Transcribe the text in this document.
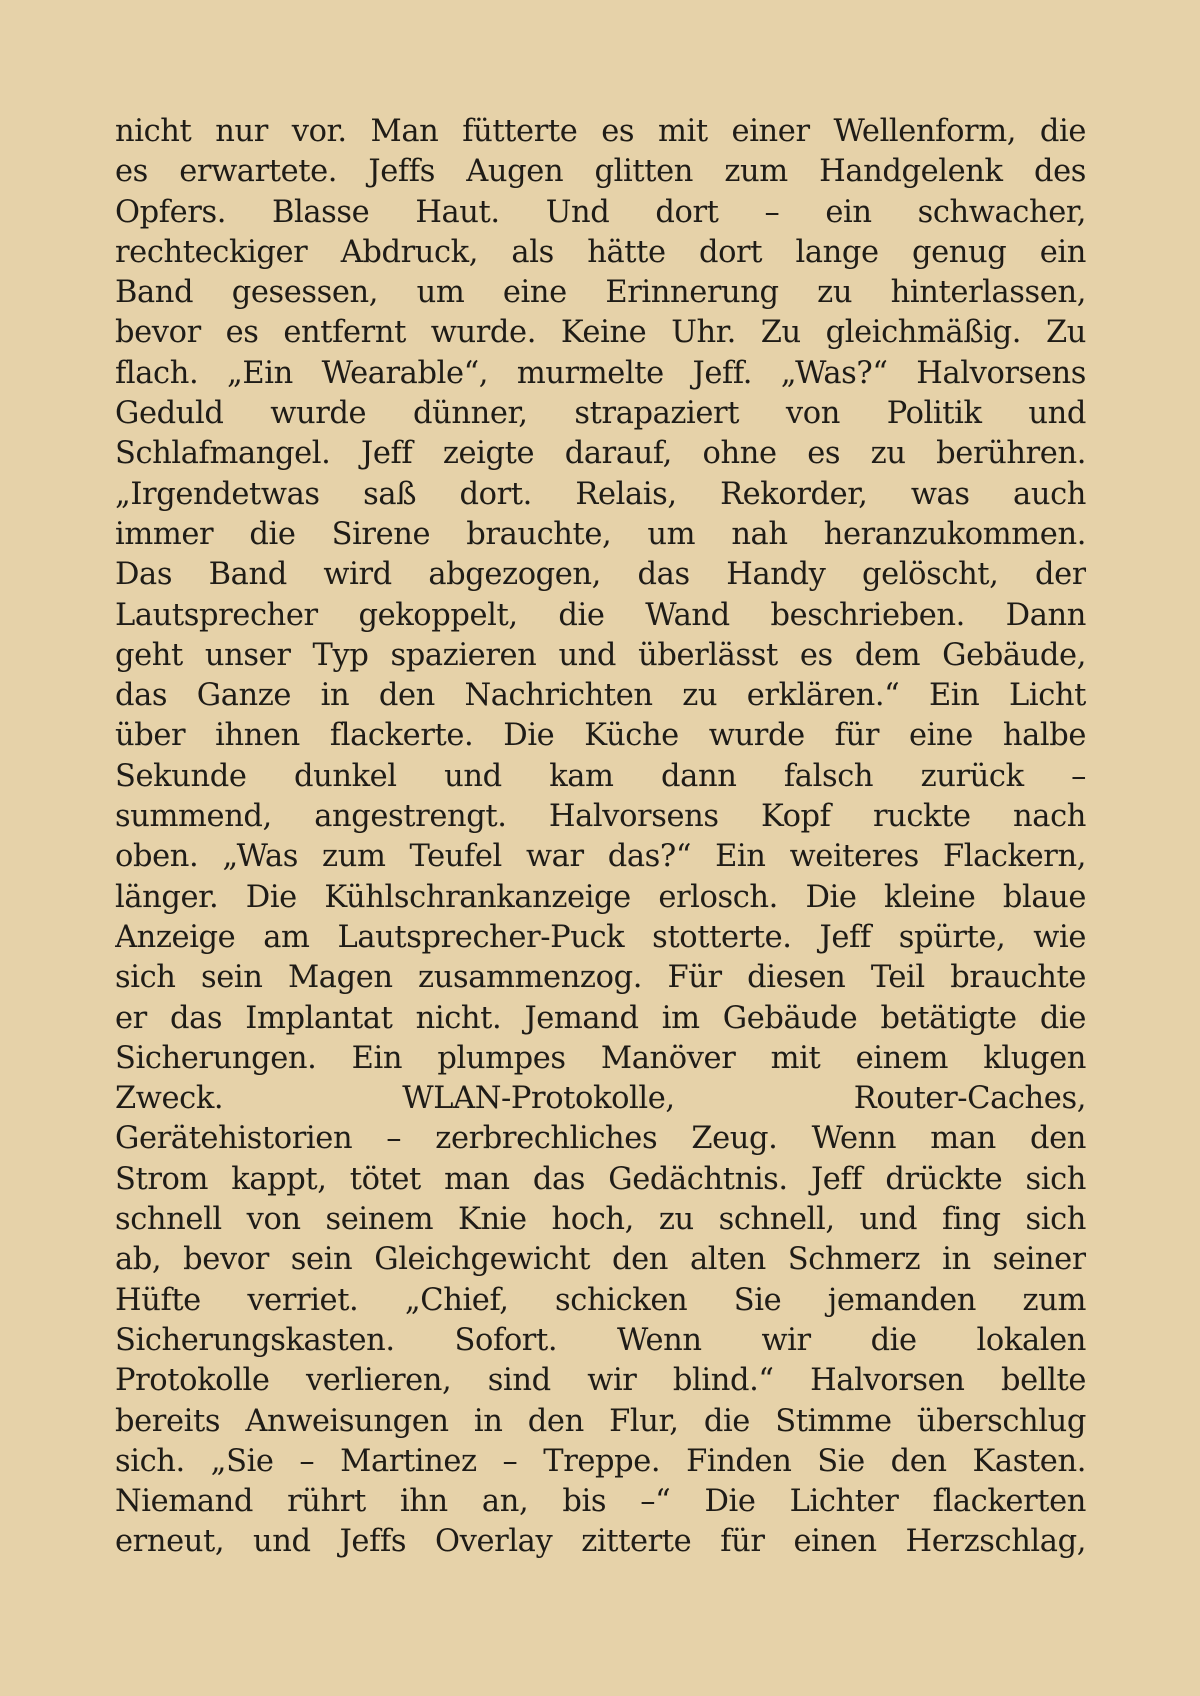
nicht nur vor. Man fütterte es mit einer Wellenform, die
es erwartete. Jeffs Augen glitten zum Handgelenk des
Opfers. Blasse Haut. Und dort – ein schwacher,
rechteckiger Abdruck, als hätte dort lange genug ein
Band gesessen, um eine Erinnerung zu hinterlassen,
bevor es entfernt wurde. Keine Uhr. Zu gleichmäßig. Zu
flach. „Ein Wearable“, murmelte Jeff. „Was?“ Halvorsens
Geduld wurde dünner, strapaziert von Politik und
Schlafmangel. Jeff zeigte darauf, ohne es zu berühren.
„Irgendetwas saß dort. Relais, Rekorder, was auch
immer die Sirene brauchte, um nah heranzukommen.
Das Band wird abgezogen, das Handy gelöscht, der
Lautsprecher gekoppelt, die Wand beschrieben. Dann
geht unser Typ spazieren und überlässt es dem Gebäude,
das Ganze in den Nachrichten zu erklären.“ Ein Licht
über ihnen flackerte. Die Küche wurde für eine halbe
Sekunde dunkel und kam dann falsch zurück –
summend, angestrengt. Halvorsens Kopf ruckte nach
oben. „Was zum Teufel war das?“ Ein weiteres Flackern,
länger. Die Kühlschrankanzeige erlosch. Die kleine blaue
Anzeige am Lautsprecher-Puck stotterte. Jeff spürte, wie
sich sein Magen zusammenzog. Für diesen Teil brauchte
er das Implantat nicht. Jemand im Gebäude betätigte die
Sicherungen. Ein plumpes Manöver mit einem klugen
Zweck. WLAN-Protokolle, Router-Caches,
Gerätehistorien – zerbrechliches Zeug. Wenn man den
Strom kappt, tötet man das Gedächtnis. Jeff drückte sich
schnell von seinem Knie hoch, zu schnell, und fing sich
ab, bevor sein Gleichgewicht den alten Schmerz in seiner
Hüfte verriet. „Chief, schicken Sie jemanden zum
Sicherungskasten. Sofort. Wenn wir die lokalen
Protokolle verlieren, sind wir blind.“ Halvorsen bellte
bereits Anweisungen in den Flur, die Stimme überschlug
sich. „Sie – Martinez – Treppe. Finden Sie den Kasten.
Niemand rührt ihn an, bis –“ Die Lichter flackerten
erneut, und Jeffs Overlay zitterte für einen Herzschlag,
